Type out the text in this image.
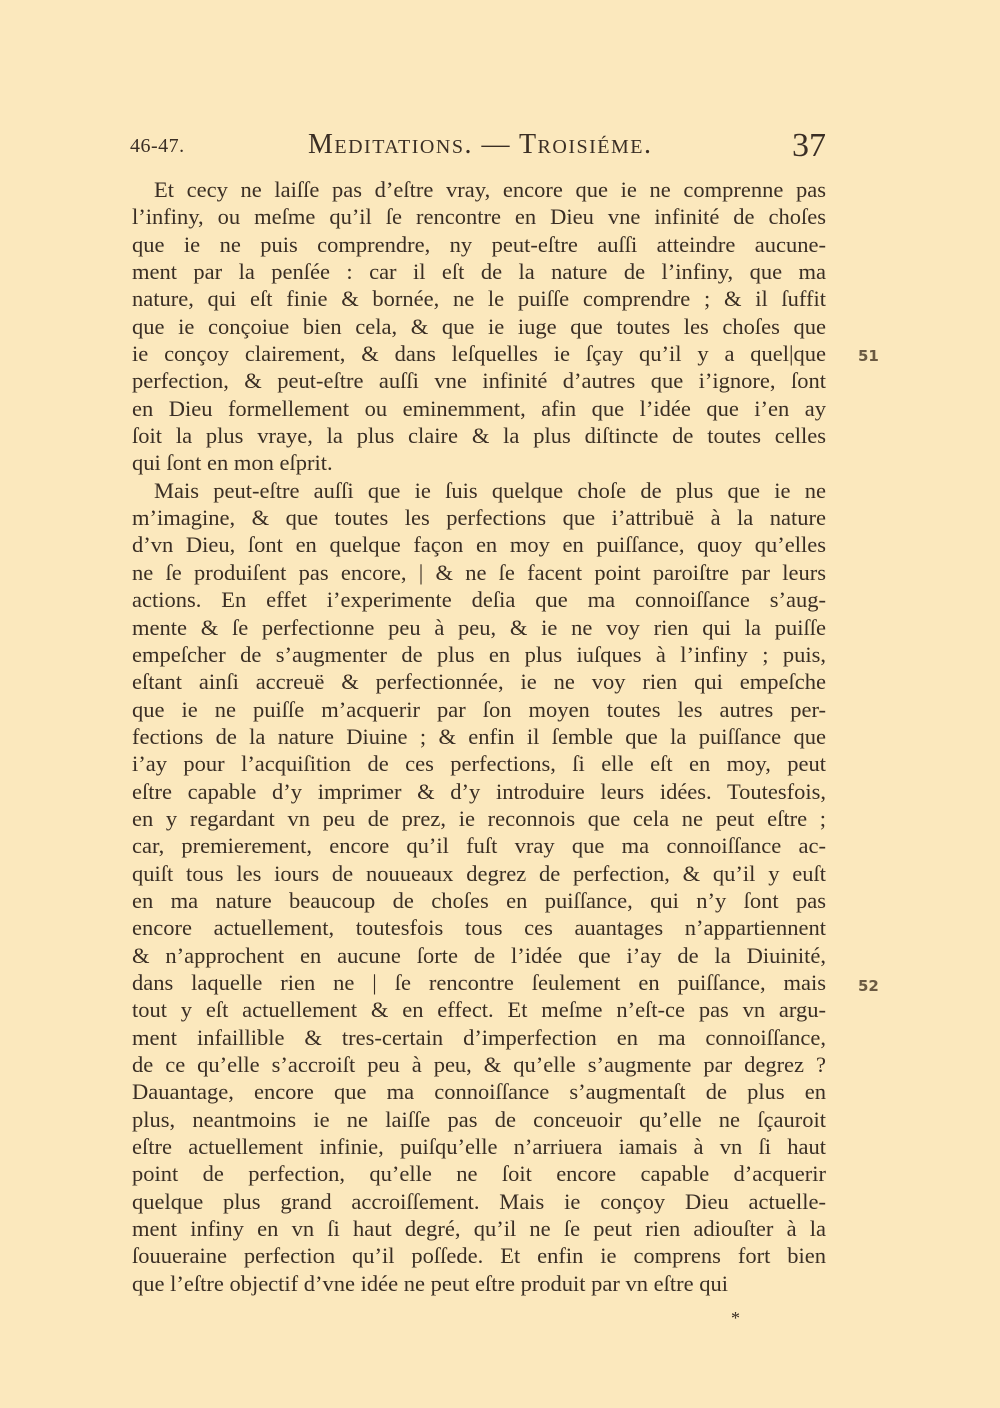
46-47.	Meditations. — Troisiéme.	37
Et cecy ne laiſſe pas d’eſtre vray, encore que ie ne comprenne pas
l’infiny, ou meſme qu’il ſe rencontre en Dieu vne infinité de choſes
que ie ne puis comprendre, ny peut-eſtre auſſi atteindre aucune-
ment par la penſée : car il eſt de la nature de l’infiny, que ma
nature, qui eſt finie & bornée, ne le puiſſe comprendre ; & il ſuffit
que ie conçoiue bien cela, & que ie iuge que toutes les choſes que
ie conçoy clairement, & dans leſquelles ie ſçay qu’il y a quel|que
perfection, & peut-eſtre auſſi vne infinité d’autres que i’ignore, ſont
en Dieu formellement ou eminemment, afin que l’idée que i’en ay
ſoit la plus vraye, la plus claire & la plus diſtincte de toutes celles
qui ſont en mon eſprit.
Mais peut-eſtre auſſi que ie ſuis quelque choſe de plus que ie ne
m’imagine, & que toutes les perfections que i’attribuë à la nature
d’vn Dieu, ſont en quelque façon en moy en puiſſance, quoy qu’elles
ne ſe produiſent pas encore, | & ne ſe facent point paroiſtre par leurs
actions. En effet i’experimente deſia que ma connoiſſance s’aug-
mente & ſe perfectionne peu à peu, & ie ne voy rien qui la puiſſe
empeſcher de s’augmenter de plus en plus iuſques à l’infiny ; puis,
eſtant ainſi accreuë & perfectionnée, ie ne voy rien qui empeſche
que ie ne puiſſe m’acquerir par ſon moyen toutes les autres per-
fections de la nature Diuine ; & enfin il ſemble que la puiſſance que
i’ay pour l’acquiſition de ces perfections, ſi elle eſt en moy, peut
eſtre capable d’y imprimer & d’y introduire leurs idées. Toutesfois,
en y regardant vn peu de prez, ie reconnois que cela ne peut eſtre ;
car, premierement, encore qu’il fuſt vray que ma connoiſſance ac-
quiſt tous les iours de nouueaux degrez de perfection, & qu’il y euſt
en ma nature beaucoup de choſes en puiſſance, qui n’y ſont pas
encore actuellement, toutesfois tous ces auantages n’appartiennent
& n’approchent en aucune ſorte de l’idée que i’ay de la Diuinité,
dans laquelle rien ne | ſe rencontre ſeulement en puiſſance, mais
tout y eſt actuellement & en effect. Et meſme n’eſt-ce pas vn argu-
ment infaillible & tres-certain d’imperfection en ma connoiſſance,
de ce qu’elle s’accroiſt peu à peu, & qu’elle s’augmente par degrez ?
Dauantage, encore que ma connoiſſance s’augmentaſt de plus en
plus, neantmoins ie ne laiſſe pas de conceuoir qu’elle ne ſçauroit
eſtre actuellement infinie, puiſqu’elle n’arriuera iamais à vn ſi haut
point de perfection, qu’elle ne ſoit encore capable d’acquerir
quelque plus grand accroiſſement. Mais ie conçoy Dieu actuelle-
ment infiny en vn ſi haut degré, qu’il ne ſe peut rien adiouſter à la
ſouueraine perfection qu’il poſſede. Et enfin ie comprens fort bien
que l’eſtre objectif d’vne idée ne peut eſtre produit par vn eſtre qui
51
52
*
